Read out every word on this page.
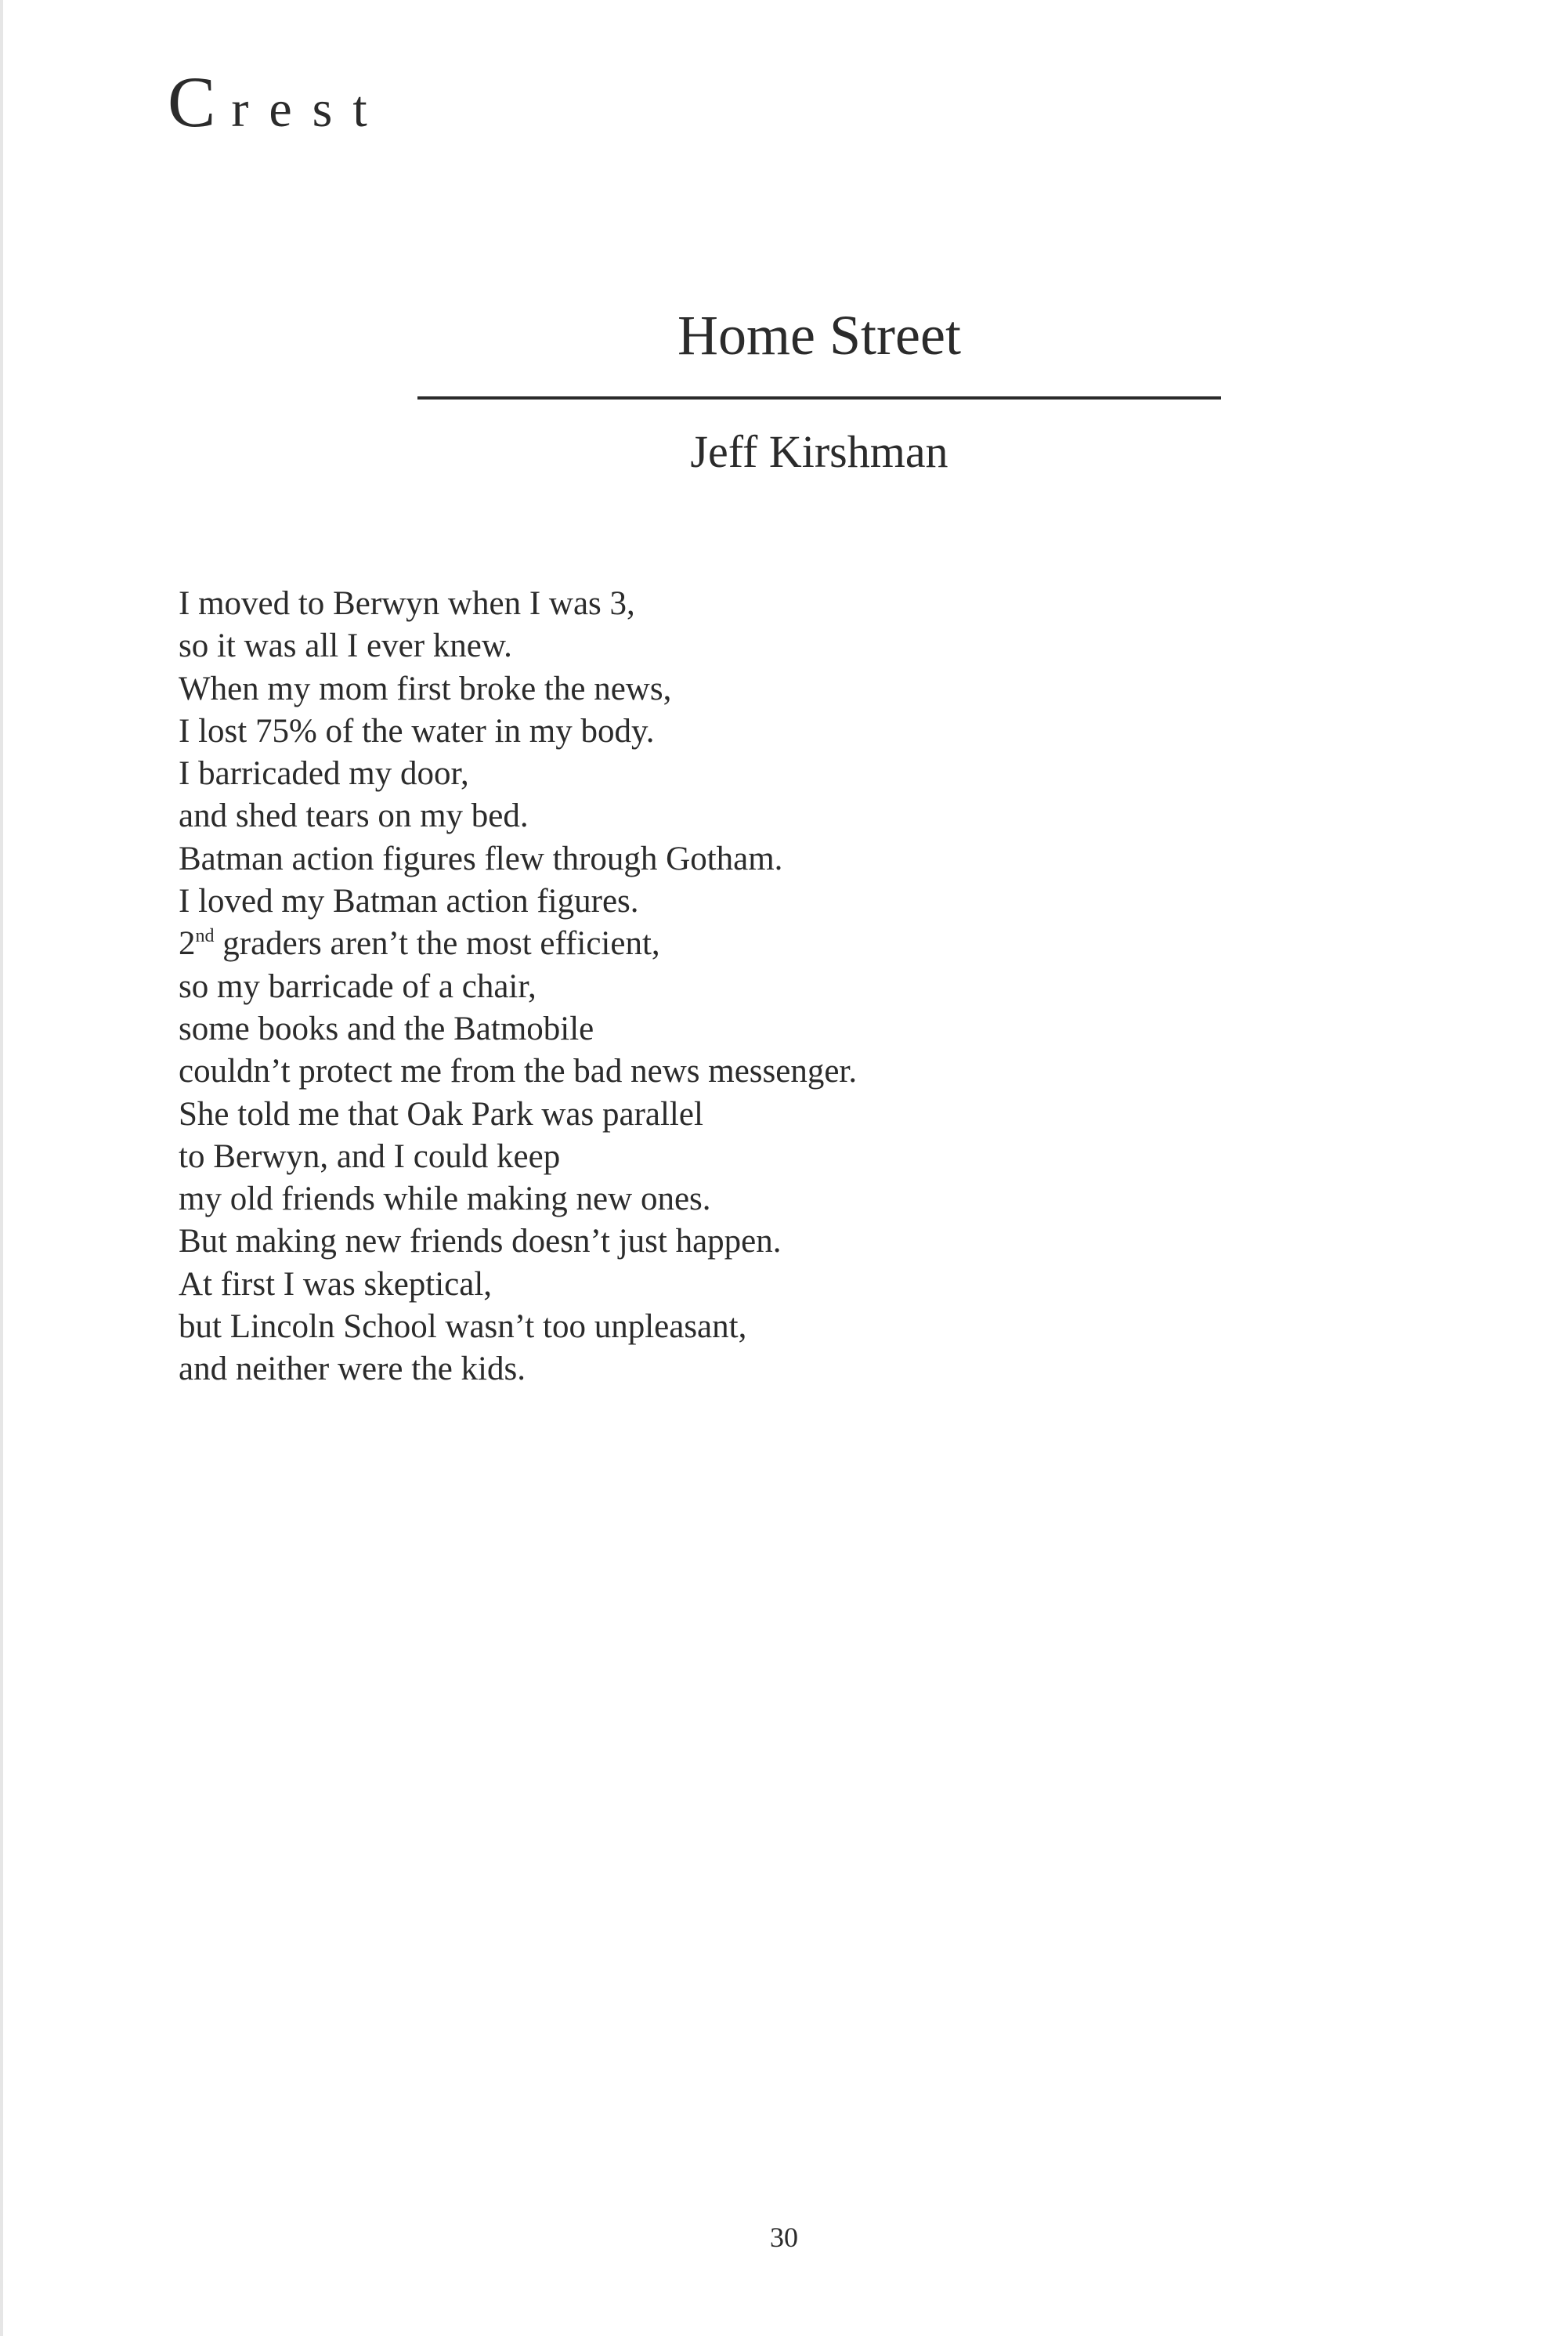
C rest
Home Street
Jeff Kirshman
I moved to Berwyn when I was 3,
so it was all I ever knew.
When my mom first broke the news,
I lost 75% of the water in my body.
I barricaded my door,
and shed tears on my bed.
Batman action figures flew through Gotham.
I loved my Batman action figures.
2nd graders aren’t the most efficient,
so my barricade of a chair,
some books and the Batmobile
couldn’t protect me from the bad news messenger.
She told me that Oak Park was parallel
to Berwyn, and I could keep
my old friends while making new ones.
But making new friends doesn’t just happen.
At first I was skeptical,
but Lincoln School wasn’t too unpleasant,
and neither were the kids.
30
